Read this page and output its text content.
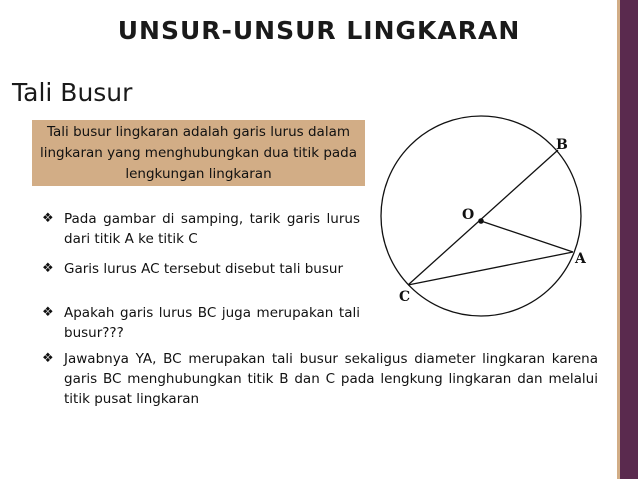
UNSUR-UNSUR LINGKARAN
Tali Busur
Tali busur lingkaran adalah garis lurus dalam lingkaran yang menghubungkan dua titik pada lengkungan lingkaran
❖ Pada gambar di samping, tarik garis lurus dari titik A ke titik C
❖ Garis lurus AC tersebut disebut tali busur
❖ Apakah garis lurus BC juga merupakan tali busur???
❖ Jawabnya YA, BC merupakan tali busur sekaligus diameter lingkaran karena garis BC menghubungkan titik B dan C pada lengkung lingkaran dan melalui titik pusat lingkaran
B
O
A
C
